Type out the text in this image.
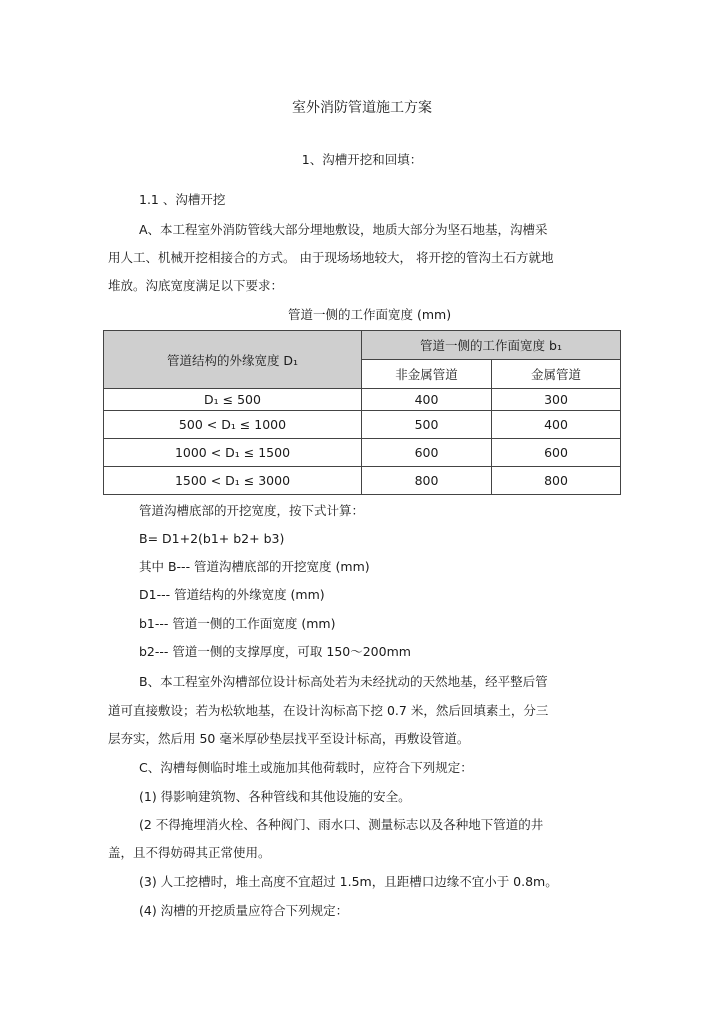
室外消防管道施工方案
1、沟槽开挖和回填：
1.1 、沟槽开挖
A、本工程室外消防管线大部分埋地敷设，地质大部分为坚石地基，沟槽采
用人工、机械开挖相接合的方式。 由于现场场地较大， 将开挖的管沟土石方就地
堆放。沟底宽度满足以下要求：
管道一侧的工作面宽度 (mm)
管道结构的外缘宽度 D₁	管道一侧的工作面宽度 b₁	
	非金属管道	金属管道
D₁ ≤ 500	400	300
500 < D₁ ≤ 1000	500	400
1000 < D₁ ≤ 1500	600	600
1500 < D₁ ≤ 3000	800	800
管道沟槽底部的开挖宽度，按下式计算：
B= D1+2(b1+ b2+ b3)
其中 B--- 管道沟槽底部的开挖宽度 (mm)
D1--- 管道结构的外缘宽度 (mm)
b1--- 管道一侧的工作面宽度 (mm)
b2--- 管道一侧的支撑厚度，可取 150～200mm
B、本工程室外沟槽部位设计标高处若为未经扰动的天然地基，经平整后管
道可直接敷设；若为松软地基，在设计沟标高下挖 0.7 米，然后回填素土，分三
层夯实，然后用 50 毫米厚砂垫层找平至设计标高，再敷设管道。
C、沟槽每侧临时堆土或施加其他荷载时，应符合下列规定：
(1) 得影响建筑物、各种管线和其他设施的安全。
(2 不得掩埋消火栓、各种阀门、雨水口、测量标志以及各种地下管道的井
盖，且不得妨碍其正常使用。
(3) 人工挖槽时，堆土高度不宜超过 1.5m，且距槽口边缘不宜小于 0.8m。
(4) 沟槽的开挖质量应符合下列规定：
